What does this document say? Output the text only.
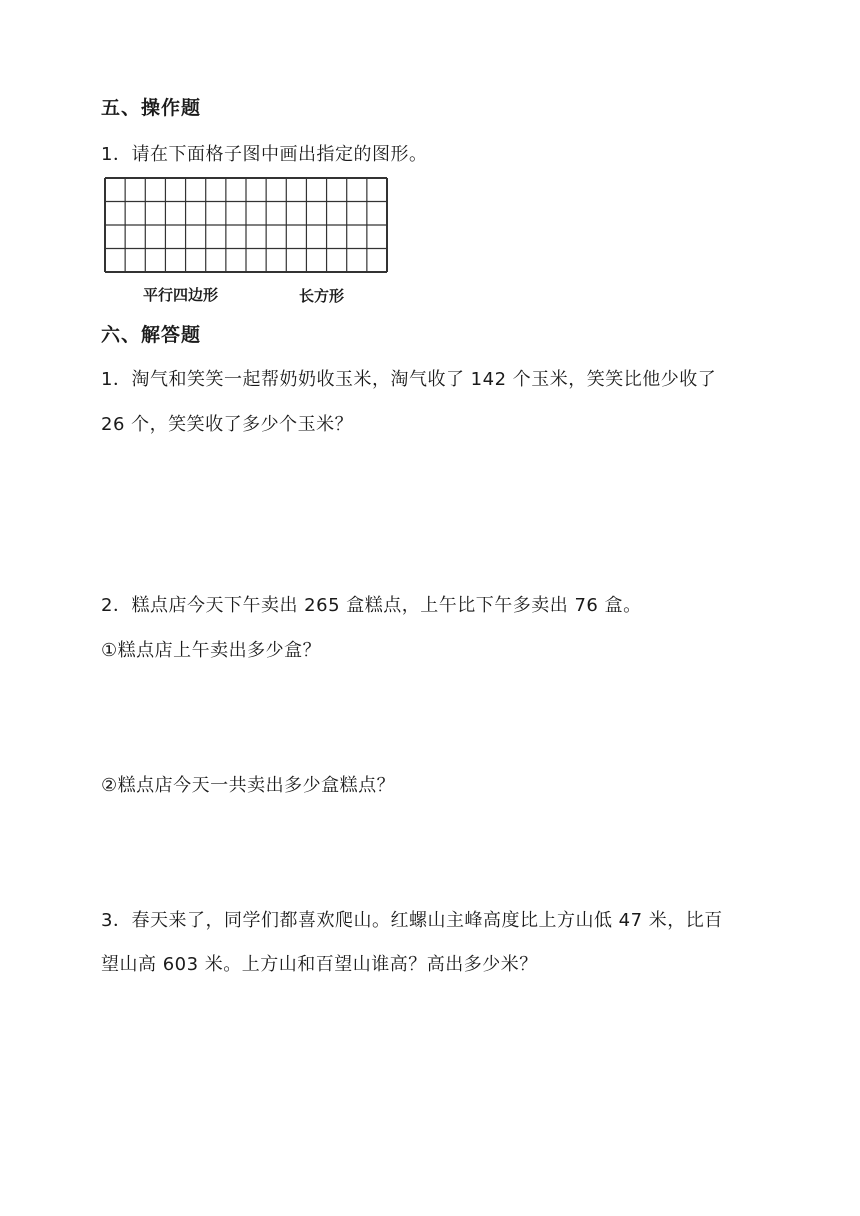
五、操作题
1．请在下面格子图中画出指定的图形。
平行四边形	长方形
六、解答题
1．淘气和笑笑一起帮奶奶收玉米，淘气收了 142 个玉米，笑笑比他少收了
26 个，笑笑收了多少个玉米？
2．糕点店今天下午卖出 265 盒糕点，上午比下午多卖出 76 盒。
①糕点店上午卖出多少盒？
②糕点店今天一共卖出多少盒糕点？
3．春天来了，同学们都喜欢爬山。红螺山主峰高度比上方山低 47 米，比百
望山高 603 米。上方山和百望山谁高？高出多少米？
